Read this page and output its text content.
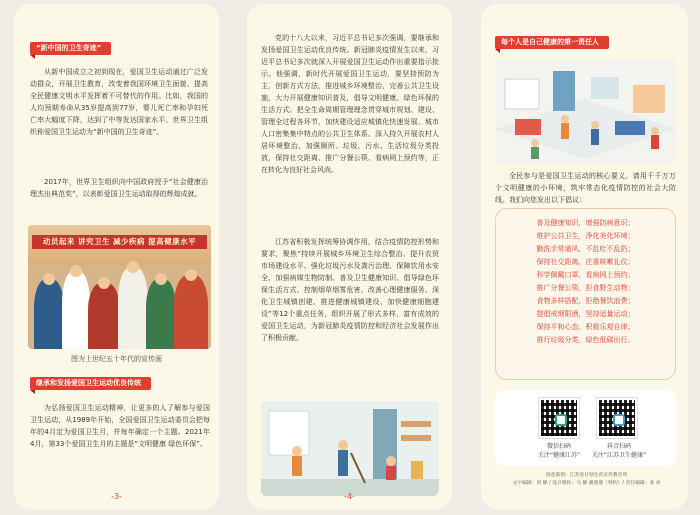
“新中国的卫生奇迹”
从新中国成立之初到现在，爱国卫生运动通过广泛发动群众，开展卫生教育，改变着我国环境卫生面貌、提高全民健康文明水平发挥着不可替代的作用。比如，我国的人均预期寿命从35岁提高到77岁，婴儿死亡率和孕妇死亡率大幅度下降，达到了中等发达国家水平。世界卫生组织称爱国卫生运动为“新中国的卫生奇迹”。
2017年，世界卫生组织向中国政府授予“社会健康治理杰出典范奖”，以表彰爱国卫生运动取得的辉煌成就。
动员起来 讲究卫生 减少疾病 提高健康水平
图为上世纪五十年代的宣传画
继承和发扬爱国卫生运动优良传统
为弘扬爱国卫生运动精神，让更多的人了解参与爱国卫生运动，从1989年开始，全国爱国卫生运动委员会把每年的4月定为爱国卫生月，并每年确定一个主题。2021年4月，第33个爱国卫生月的主题是“文明健康 绿色环保”。
-3-
党的十八大以来，习近平总书记多次强调，要继承和发扬爱国卫生运动优良传统。新冠肺炎疫情发生以来，习近平总书记多次就深入开展爱国卫生运动作出重要指示批示。他强调，新时代开展爱国卫生运动，要坚持预防为主，创新方式方法，推进城乡环境整治，完善公共卫生设施，大力开展健康知识普及，倡导文明健康、绿色环保的生活方式。把全生命周期管理理念贯穿城市规划、建设、管理全过程各环节，加快建设适应城镇化快速发展、城市人口密集集中特点的公共卫生体系。深入持久开展农村人居环境整治，加强厕所、垃圾、污水、生活垃圾分类投放，保持社交距离、推广分餐公筷、看病网上预约等，正在转化为良好社会风尚。
江苏省积极发挥统筹协调作用，结合疫情防控形势和要求，聚焦“持续开展城乡环境卫生综合整治、提升农贸市场建设水平、强化垃圾污水及粪污治理、保障饮用水安全、加强病媒生物防制、普及卫生健康知识、倡导绿色环保生活方式、控制烟草烟雾危害、改善心理健康服务、深化卫生城镇创建、推进健康城镇建设、加快健康细胞建设”等12个重点任务，组织开展了形式多样、富有成效的爱国卫生运动，为新冠肺炎疫情防控和经济社会发展作出了积极贡献。
-4-
每个人是自己健康的第一责任人
全民参与是爱国卫生运动的核心要义。请用千千万万个文明健康的小环境，筑牢常态化疫情防控的社会大防线。我们向您发出以下倡议：
普及健康知识，增强防病意识；
维护公共卫生，净化美化环境；
勤洗手常通风，不乱吐不乱扔；
保持社交距离，注重咳嗽礼仪；
科学佩戴口罩，看病网上预约；
推广分餐公筷，拒食野生动物；
食物多样搭配，拒绝餐饮浪费；
提倡戒烟限酒，坚持适量运动；
保持平和心态，积极乐观自律；
推行垃圾分类，绿色低碳出行。
微信扫码
关注“健康江苏”
抖音扫码
关注“江苏卫生健康”
创意策划：江苏省计划生育宣传教育所
文字编辑：周 静 / 设计制作：马 静 潘建康（特约）/ 责任编辑：张 亮
